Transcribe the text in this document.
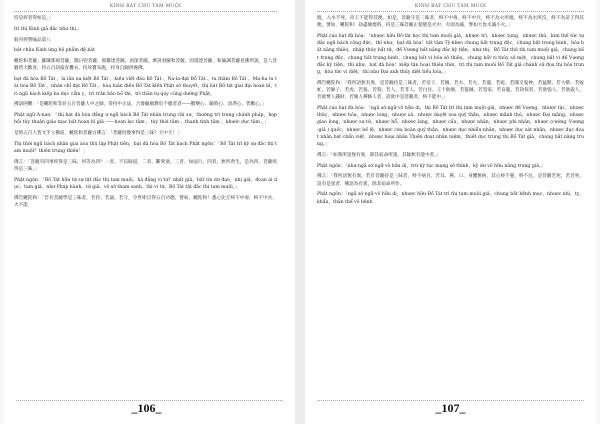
KINH BÁT CHU TAM MUỘI

持是經者得如是。」

trì thị Kinh giả đắc như thị.」

般舟經譬喻品第八

bát chủu Kinh ứng hộ phẩm đệ bát

颰陀和菩薩、羅隣那竭菩薩、憍曰兜菩薩、那羅達菩薩、須深菩薩、摩訶須薩和菩薩、因坻達菩薩、和倫調菩薩見佛所說，是八菩薩皆大歡喜，持五百劫波育疊衣，持珍寶布施，持身自歸供養佛。

bạt đà hòa Bồ Tát 、la lân na kiệt Bồ Tát 、kiều viết đâu Bồ Tát 、Na-la-đạt Bồ Tát 、tu thâm Bồ Tát 、Ma-ha tu tát hòa Bồ Tát 、nhân chỉ đạt Bồ Tát 、hòa luân điều Bồ Tát kiến Phật sở thuyết，thị bát Bồ-tát giai đại hoan hỉ，trì ngũ bách kiếp ba dục cẩm y，trì trân bảo bố thí，trì thân tự quy cúng dường Phật。

佛語阿難：「是颰陀和等於五百菩薩人中之師，常持中正法，合會隨順教於不厭者者——歡樂心、隨時心、清淨心、皆歡心。」

Phật ngữ A-nan：「thị bạt đà hòa đẳng ư ngũ bách Bồ Tát nhân trung chi sư，thường trì trung chánh pháp，hợp hội tùy thuận giáo mạc bất hoan hỉ giả ——hoan lạc tâm 、tùy thời tâm 、thanh tịnh tâm 、khước dục tâm 。」

是時五百人皆叉手立佛前，颰陀和菩薩白佛言：「菩薩持幾事得是三昧？天中天！」

Thị thời ngũ bách nhân giai xoa thủ lập Phật tiền，bạt đà hòa Bồ Tát bạch Phật ngôn：「Bồ Tát trì kỷ sự đắc thị tam muội？thiên trung thiên！」

佛言：「菩薩有四事疾得是三昧。何等為四？一者、不信餘道，二者、斷愛欲，三者、如法行，四者、無所貪生。是為四，菩薩疾得是三昧。」

Phật ngôn：「Bồ Tát hữu tứ sự tật đắc thị tam muội。hà đẳng vi tứ？nhất giả、bất tín dư đạo，nhị giả、đoạn ái dục，tam giả、như Pháp hành，tứ giả、vô sở tham sanh。thị vi tứ，Bồ Tát tật đắc thị tam muội。」

佛告颰陀和：「若有菩薩學是三昧者，若持、若誦、若守，令世即自得五百功德。譬如，颰陀和！悉心比丘終不中毒，終不中兵，火不能

_106_
KINH BÁT CHU TAM MUỘI

燒，入水不死，帝王不能得其便。如是，菩薩守是三昧者，終不中毒，終不中兵，終不為火所燒，終不為水所沒，終不為帝王得其便。譬如，颰陀和！劫盡壞燒時，持是三昧菩薩正使墮是火中，火即為滅，譬如大瓮水滅小火。」

Phật cáo bạt đà hòa：「nhược hữu Bồ-tát học thị tam muội giả，nhược trì，nhược tụng，nhược thủ，kim thế tức tự đắc ngũ bách công đức。thí như，bạt đà hòa！tất tâm Tỳ-kheo chung bất trung độc，chung bất trung binh，hỏa bất năng thiêu，nhập thủy bất tử，đế Vương bất năng đắc kỳ tiện。như thị，Bồ Tát thủ thị tam muội giả，chung bất trung độc，chung bất trung binh，chung bất vi hỏa sở thiêu，chung bất vi thủy sở một，chung bất vi đế Vương đắc kỳ tiện。thí như，bạt đà hòa！kiếp tận hoại thiêu thời，trì thị tam muội Bồ Tát giả chánh sử đọa thị hỏa trung，hỏa tức vi diệt，thí như Đại anh thủy diệt tiểu hỏa。」

佛告颰陀和：「我所語無有異，是菩薩持是三昧者，若帝王，若賊、若水、若火、若龍、若蛇、若閱叉鬼神、若猛獸、若大蟒、若蚊虻、若師子、若虎、若狼、若狗、若人、若非人、若白住。王十助師，若盜賊、若怨家、若盲龍、若劫掠者，若欲惱人、若欲殺人，若欲奪人錢財、若壞人禪修人者，設欲中是菩薩者，終不能中。」

Phật cáo bạt đà hòa：「ngã sở ngữ vô hữu dị，thị Bồ Tát trì thị tam muội giả，nhược đế Vương，nhược tặc，nhược thủy，nhược hỏa，nhược long，nhược xà，nhược duyệt xoa quỷ thần，nhược mãnh thú，nhược Đại mãng，nhược giao long，nhược sư tử，nhược hổ，nhược lang，nhược cẩu，nhược nhân，nhược phi nhân，nhược (cường -Vương -giả ) quốc，nhược bế lệ，nhược cưu hoàn quỷ thần，nhược dục nhiễu nhân，nhược dục sát nhân，nhược dục đoạt nhân bát chẩn việt，nhược hoại nhân Thiền đoạt nhân niệm，thiết dục trung thị Bồ Tát giả，chung bất năng trung。」

佛言：「如我所語無有異，除其宿命所請，其餘無有能中者。」

Phật ngôn：「như ngã sở ngữ vô hữu dị，trừ kỳ túc mạng sở thỉnh，kỳ dư vô hữu năng trung giả。」

佛言：「我所語無有異。若有菩薩持是三昧者，終不病目，若耳、鼻、口、身體無病，其心終不憂，終不厄。是菩薩若死，若近死，設有是患者，佛語為有異，除其宿命所作。

Phật ngôn：「ngã sở ngữ vô hữu dị，nhược hữu Bồ Tát trì thị tam muội giả，chung bất bệnh mục，nhược nhĩ，tỵ，khẩu，thân thể vô bệnh

_107_
